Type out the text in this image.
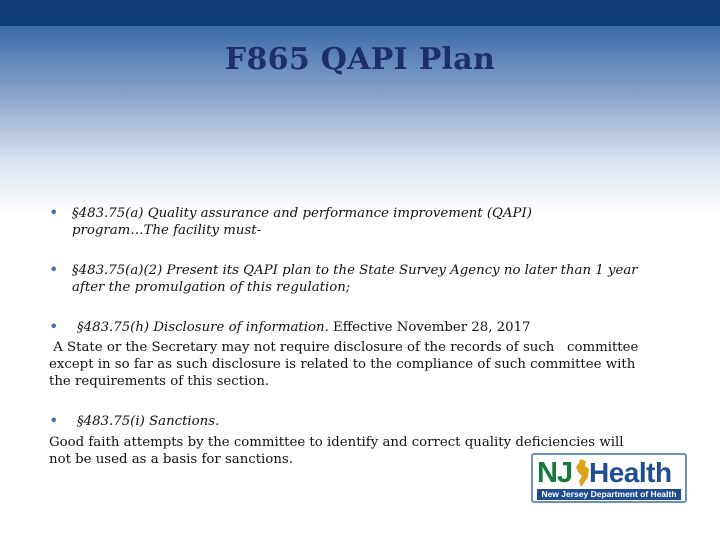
F865 QAPI Plan
• §483.75(a) Quality assurance and performance improvement (QAPI)

program…The facility must-

• §483.75(a)(2) Present its QAPI plan to the State Survey Agency no later than 1 year

after the promulgation of this regulation;

• §483.75(h) Disclosure of information. Effective November 28, 2017

A State or the Secretary may not require disclosure of the records of such   committee

except in so far as such disclosure is related to the compliance of such committee with

the requirements of this section.

• §483.75(i) Sanctions.

Good faith attempts by the committee to identify and correct quality deficiencies will

not be used as a basis for sanctions.	NJ Health
New Jersey Department of Health
